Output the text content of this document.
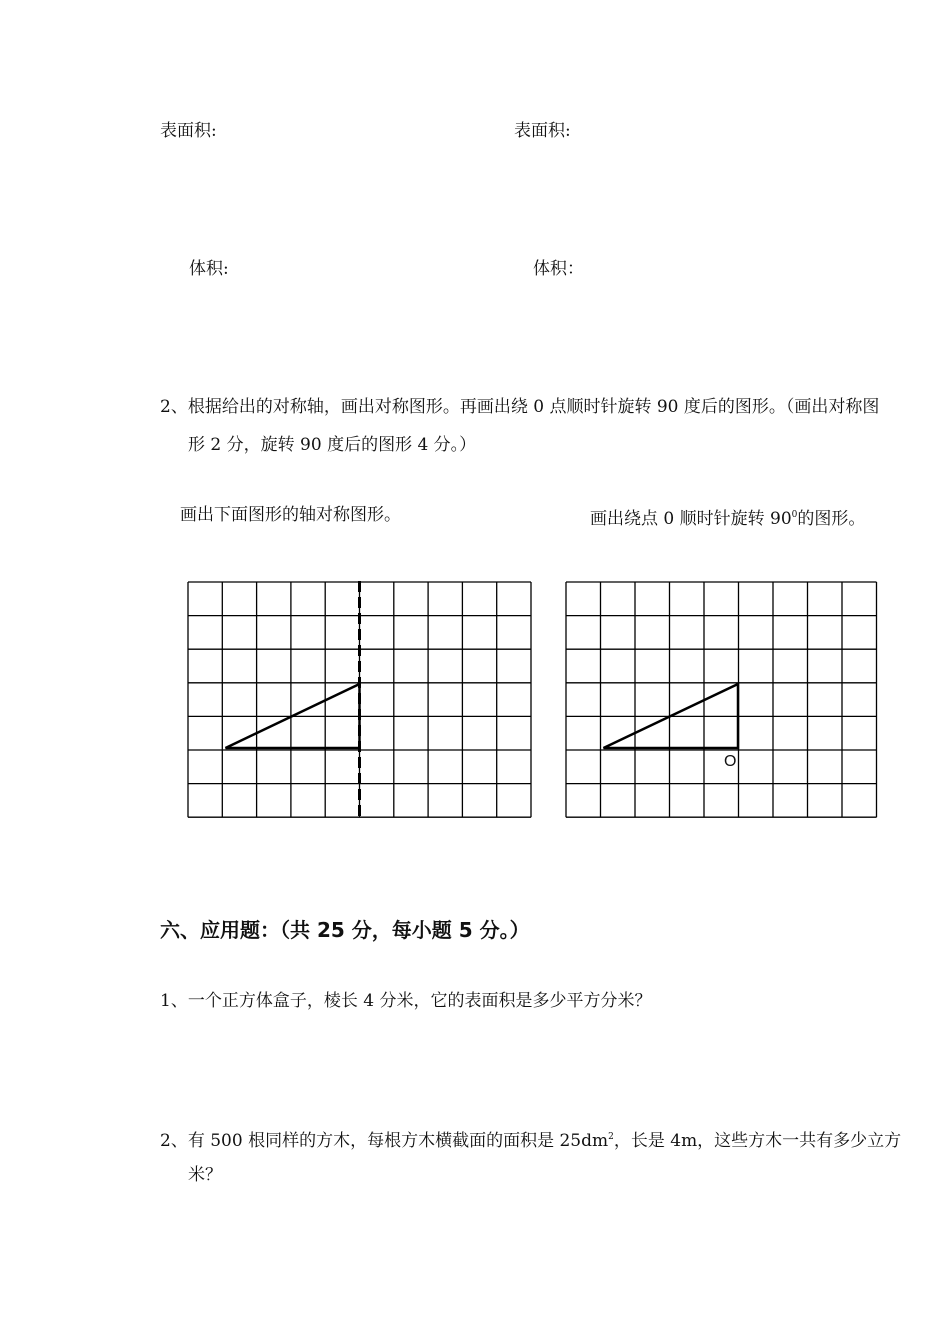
表面积:	表面积:
体积:	体积：
2、根据给出的对称轴，画出对称图形。再画出绕 0 点顺时针旋转 90 度后的图形。（画出对称图
形 2 分，旋转 90 度后的图形 4 分。）
画出下面图形的轴对称图形。	画出绕点 0 顺时针旋转 $90^0$的图形。
O
六、应用题：（共 25 分，每小题 5 分。）
1、一个正方体盒子，棱长 4 分米，它的表面积是多少平方分米？
2、有 500 根同样的方木，每根方木横截面的面积是 $25dm^2$，长是 4m，这些方木一共有多少立方
米？
